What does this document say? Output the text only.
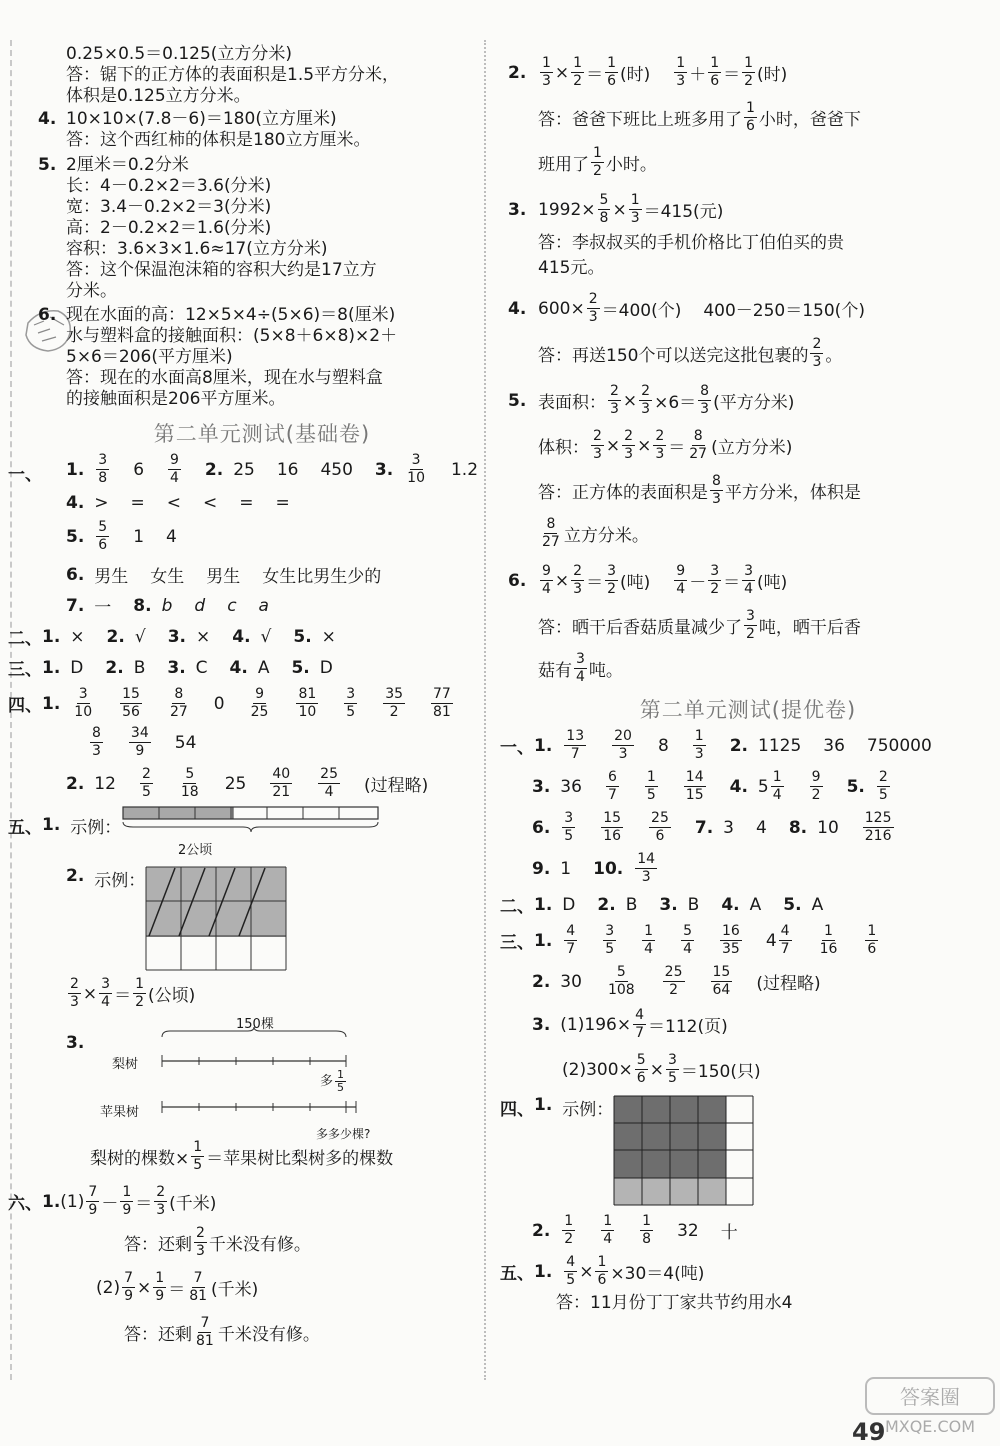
0.25×0.5＝0.125(立方分米)
答：锯下的正方体的表面积是1.5平方分米，
体积是0.125立方分米。
4. 10×10×(7.8－6)＝180(立方厘米)
答：这个西红柿的体积是180立方厘米。
5. 2厘米＝0.2分米
长：4－0.2×2＝3.6(分米)
宽：3.4－0.2×2＝3(分米)
高：2－0.2×2＝1.6(分米)
容积：3.6×3×1.6≈17(立方分米)
答：这个保温泡沫箱的容积大约是17立方
分米。
6. 现在水面的高：12×5×4÷(5×6)＝8(厘米)
水与塑料盒的接触面积：(5×8＋6×8)×2＋
5×6＝206(平方厘米)
答：现在的水面高8厘米，现在水与塑料盒
的接触面积是206平方厘米。
第二单元测试(基础卷)
一、 1. 3
8 6 9
4 2. 25 16 450 3. 3
10 1.2
4. > = < < = =
5. 5
6 1 4
6. 男生 女生 男生 女生比男生少的
7. 一 8. b d c a
二、 1. × 2. √ 3. × 4. √ 5. ×
三、 1. D 2. B 3. C 4. A 5. D
四、 1. 3
10
15
56
8
27 0 9
25
81
10
3
5
35
2
77
81
8
3
34
9 54
2. 12 2
5
5
18 25 40
21
25
4 (过程略)
五、 1. 示例：
2公顷
2. 示例：
2
3 × 3
4 ＝
1
2 (公顷)
3.
150棵
梨树
苹果树
多 $\frac{1}{5}$
多多少棵?
梨树的棵数× $\frac{1}{5}$ ＝苹果树比梨树多的棵数
六、 1. (1) 7
9 －
1
9 ＝
2
3 (千米)
答：还剩
2
3 千米没有修。
(2) 7
9 × 1
9 ＝
7
81 (千米)
答：还剩
7
81 千米没有修。
2.	1
3 × 1
2 ＝
1
6 (时)
1
3 ＋
1
6 ＝
1
2 (时)
答：爸爸下班比上班多用了
1
6 小时，爸爸下
班用了
1
2 小时。
3. $1992\times \frac{5}{8} \times 1$
3 ＝415(元)
答：李叔叔买的手机价格比丁伯伯买的贵
415元。
4. $600\times \frac{2}{3} =400$(个) 400－250＝150(个)
答：再送150个可以送完这批包裹的
2
3 。
5. 表面积：
2
3 × 2
3 ×6＝
8
3 (平方分米)
体积：
2
3 × 2
3 × 2
3 ＝
8
27 (立方分米)
答：正方体的表面积是
8
3 平方分米，体积是
8
27 立方分米。
6.	9
4 × 2
3 ＝
3
2 (吨)
9
4 －
3
2 ＝
3
4 (吨)
答：晒干后香菇质量减少了
3
2 吨，晒干后香
菇有
3
4 吨。
第二单元测试(提优卷)
一、 1. 13
7
20
3 8 1
3 2. 1125 36 750000
3. 36 6
7
1
5
14
15 4. 5 1
4
9
2 5. 2
5
6. 3
5
15
16
25
6 7. 3 4 8. 10 125
216
9. 1 10. 14
3
二、 1. D 2. B 3. B 4. A 5. A
三、 1. 4
7
3
5
1
4
5
4
16
35 4 4
7
1
16
1
6
2. 30 5
108
25
2
15
64 (过程略)
3. $(1)196\times \frac{4}{7} =112$(页)
$(2)300\times \frac{5}{6} \times 3$
5 ＝150(只)
四、 1. 示例：
2. 1
2
1
4
1
8 32 十
五、 1. 4
$5 \times \frac{1}{6} \times 30=4$(吨)
答：11月份丁丁家共节约用水4
49
答案圈
MXQE.COM
